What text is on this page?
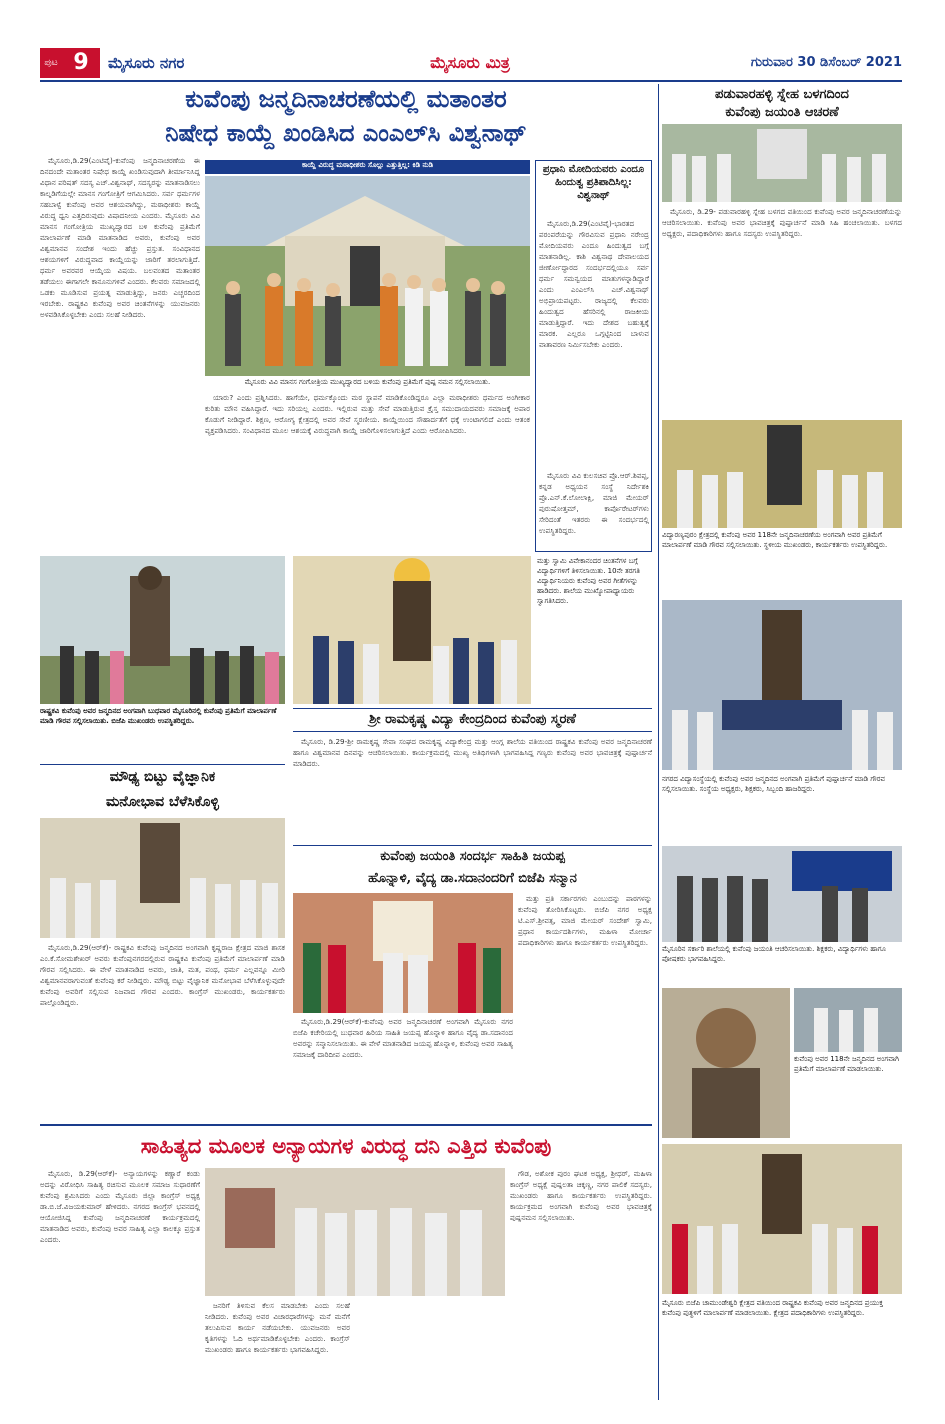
ಪುಟ 9	ಮೈಸೂರು ನಗರ	ಮೈಸೂರು ಮಿತ್ರ	ಗುರುವಾರ 30 ಡಿಸೆಂಬರ್ 2021
ಕುವೆಂಪು ಜನ್ಮದಿನಾಚರಣೆಯಲ್ಲಿ ಮತಾಂತರ
ನಿಷೇಧ ಕಾಯ್ದೆ ಖಂಡಿಸಿದ ಎಂಎಲ್‌ಸಿ ವಿಶ್ವನಾಥ್
ಮೈಸೂರು,ಡಿ.29(ಎಂಟಿವೈ)-ಕುವೆಂಪು ಜನ್ಮದಿನಾಚರಣೆಯ ಈ ದಿನದಂದೇ ಮತಾಂತರ ನಿಷೇಧ ಕಾಯ್ದೆ ಖಂಡಿಸುವುದಾಗಿ ತೀರ್ಮಾನಿಸಿದ್ದ ವಿಧಾನ ಪರಿಷತ್ ಸದಸ್ಯ ಎಚ್.ವಿಶ್ವನಾಥ್, ಸದಸ್ಯರನ್ನು ಮಾತನಾಡಿಸಲು ಕಾಲ್ನಡಿಗೆಯಲ್ಲೇ ಮಾನಸ ಗಂಗೋತ್ರಿಗೆ ಆಗಮಿಸಿದರು. ಸರ್ವ ಧರ್ಮಗಳ ಸಹಬಾಳ್ವೆ ಕುವೆಂಪು ಅವರ ಆಶಯವಾಗಿದ್ದು, ಮಠಾಧೀಶರು ಕಾಯ್ದೆ ವಿರುದ್ಧ ಧ್ವನಿ ಎತ್ತದಿರುವುದು ವಿಷಾದನೀಯ ಎಂದರು. ಮೈಸೂರು ವಿವಿ ಮಾನಸ ಗಂಗೋತ್ರಿಯ ಮುಖ್ಯದ್ವಾರದ ಬಳಿ ಕುವೆಂಪು ಪ್ರತಿಮೆಗೆ ಮಾಲಾರ್ಪಣೆ ಮಾಡಿ ಮಾತನಾಡಿದ ಅವರು, ಕುವೆಂಪು ಅವರ ವಿಶ್ವಮಾನವ ಸಂದೇಶ ಇಂದು ಹೆಚ್ಚು ಪ್ರಸ್ತುತ. ಸಂವಿಧಾನದ ಆಶಯಗಳಿಗೆ ವಿರುದ್ಧವಾದ ಕಾಯ್ದೆಯನ್ನು ಜಾರಿಗೆ ತರಲಾಗುತ್ತಿದೆ. ಧರ್ಮ ಅವರವರ ಆಯ್ಕೆಯ ವಿಷಯ. ಬಲವಂತದ ಮತಾಂತರ ತಡೆಯಲು ಈಗಾಗಲೇ ಕಾನೂನುಗಳಿವೆ ಎಂದರು. ಕೆಲವರು ಸಮಾಜದಲ್ಲಿ ಒಡಕು ಮೂಡಿಸುವ ಪ್ರಯತ್ನ ಮಾಡುತ್ತಿದ್ದು, ಜನರು ಎಚ್ಚರದಿಂದ ಇರಬೇಕು. ರಾಷ್ಟ್ರಕವಿ ಕುವೆಂಪು ಅವರ ಚಿಂತನೆಗಳನ್ನು ಯುವಜನರು ಅಳವಡಿಸಿಕೊಳ್ಳಬೇಕು ಎಂದು ಸಲಹೆ ನೀಡಿದರು.
ಕಾಯ್ದೆ ವಿರುದ್ಧ ಮಠಾಧೀಶರು ಸೊಲ್ಲು ಎತ್ತುತ್ತಿಲ್ಲ: ಕಿಡಿ ನುಡಿ
ಮೈಸೂರು ವಿವಿ ಮಾನಸ ಗಂಗೋತ್ರಿಯ ಮುಖ್ಯದ್ವಾರದ ಬಳಿಯ ಕುವೆಂಪು ಪ್ರತಿಮೆಗೆ ಪುಷ್ಪ ನಮನ ಸಲ್ಲಿಸಲಾಯಿತು.
ಯಾರು? ಎಂದು ಪ್ರಶ್ನಿಸಿದರು. ಹಾಗೆಯೇ, ಧರ್ಮಕ್ಕೊಂದು ಮಠ ಸ್ಥಾಪನೆ ಮಾಡಿಕೊಂಡಿದ್ದರೂ ಎಲ್ಲಾ ಮಠಾಧೀಶರು ಧರ್ಮದ ಅಂಗೀಕಾರ ಕುರಿತು ಮೌನ ವಹಿಸಿದ್ದಾರೆ. ಇದು ಸರಿಯಲ್ಲ ಎಂದರು. ಇಲ್ಲಿರುವ ಮತ್ತು ಸೇವೆ ಮಾಡುತ್ತಿರುವ ಕ್ರೈಸ್ತ ಸಮುದಾಯದವರು ಸಮಾಜಕ್ಕೆ ಅಪಾರ ಕೊಡುಗೆ ನೀಡಿದ್ದಾರೆ. ಶಿಕ್ಷಣ, ಆರೋಗ್ಯ ಕ್ಷೇತ್ರದಲ್ಲಿ ಅವರ ಸೇವೆ ಸ್ಮರಣೀಯ. ಕಾಯ್ದೆಯಿಂದ ಸೌಹಾರ್ದತೆಗೆ ಧಕ್ಕೆ ಉಂಟಾಗಲಿದೆ ಎಂದು ಆತಂಕ ವ್ಯಕ್ತಪಡಿಸಿದರು. ಸಂವಿಧಾನದ ಮೂಲ ಆಶಯಕ್ಕೆ ವಿರುದ್ಧವಾಗಿ ಕಾಯ್ದೆ ಜಾರಿಗೊಳಿಸಲಾಗುತ್ತಿದೆ ಎಂದು ಆರೋಪಿಸಿದರು.
ಪ್ರಧಾನಿ ಮೋದಿಯವರು ಎಂದೂ ಹಿಂದುತ್ವ ಪ್ರತಿಪಾದಿಸಿಲ್ಲ: ವಿಶ್ವನಾಥ್
ಮೈಸೂರು,ಡಿ.29(ಎಂಟಿವೈ)-ಭಾರತದ ಪರಂಪರೆಯನ್ನು ಗೌರವಿಸುವ ಪ್ರಧಾನಿ ನರೇಂದ್ರ ಮೋದಿಯವರು ಎಂದೂ ಹಿಂದುತ್ವದ ಬಗ್ಗೆ ಮಾತನಾಡಿಲ್ಲ. ಕಾಶಿ ವಿಶ್ವನಾಥ ದೇವಾಲಯದ ಜೀರ್ಣೋದ್ಧಾರದ ಸಂದರ್ಭದಲ್ಲಿಯೂ ಸರ್ವ ಧರ್ಮ ಸಮನ್ವಯದ ಮಾತುಗಳನ್ನಾಡಿದ್ದಾರೆ ಎಂದು ಎಂಎಲ್‌ಸಿ ಎಚ್.ವಿಶ್ವನಾಥ್ ಅಭಿಪ್ರಾಯಪಟ್ಟರು. ರಾಜ್ಯದಲ್ಲಿ ಕೆಲವರು ಹಿಂದುತ್ವದ ಹೆಸರಿನಲ್ಲಿ ರಾಜಕೀಯ ಮಾಡುತ್ತಿದ್ದಾರೆ. ಇದು ದೇಶದ ಬಹುತ್ವಕ್ಕೆ ಮಾರಕ. ಎಲ್ಲರೂ ಒಗ್ಗಟ್ಟಿನಿಂದ ಬಾಳುವ ವಾತಾವರಣ ನಿರ್ಮಿಸಬೇಕು ಎಂದರು.
ಮೈಸೂರು ವಿವಿ ಕುಲಸಚಿವ ಪ್ರೊ.ಆರ್.ಶಿವಪ್ಪ, ಕನ್ನಡ ಅಧ್ಯಯನ ಸಂಸ್ಥೆ ನಿರ್ದೇಶಕಿ ಪ್ರೊ.ಎನ್.ಕೆ.ಲೋಲಾಕ್ಷಿ, ಮಾಜಿ ಮೇಯರ್ ಪುರುಷೋತ್ತಮ್, ಕಾರ್ಪೊರೇಟರ್‌ಗಳು ಸೇರಿದಂತೆ ಇತರರು ಈ ಸಂದರ್ಭದಲ್ಲಿ ಉಪಸ್ಥಿತರಿದ್ದರು.
ರಾಷ್ಟ್ರಕವಿ ಕುವೆಂಪು ಅವರ ಜನ್ಮದಿನದ ಅಂಗವಾಗಿ ಬುಧವಾರ ಮೈಸೂರಿನಲ್ಲಿ ಕುವೆಂಪು ಪ್ರತಿಮೆಗೆ ಮಾಲಾರ್ಪಣೆ ಮಾಡಿ ಗೌರವ ಸಲ್ಲಿಸಲಾಯಿತು. ಬಿಜೆಪಿ ಮುಖಂಡರು ಉಪಸ್ಥಿತರಿದ್ದರು.
ಮತ್ತು ಸ್ವಾಮಿ ವಿವೇಕಾನಂದರ ಚಿಂತನೆಗಳ ಬಗ್ಗೆ ವಿದ್ಯಾರ್ಥಿಗಳಿಗೆ ತಿಳಿಸಲಾಯಿತು. 10ನೇ ತರಗತಿ ವಿದ್ಯಾರ್ಥಿನಿಯರು ಕುವೆಂಪು ಅವರ ಗೀತೆಗಳನ್ನು ಹಾಡಿದರು. ಶಾಲೆಯ ಮುಖ್ಯೋಪಾಧ್ಯಾಯರು ಸ್ವಾಗತಿಸಿದರು.
ಶ್ರೀ ರಾಮಕೃಷ್ಣ ವಿದ್ಯಾ ಕೇಂದ್ರದಿಂದ ಕುವೆಂಪು ಸ್ಮರಣೆ
ಮೈಸೂರು, ಡಿ.29-ಶ್ರೀ ರಾಮಕೃಷ್ಣ ಸೇವಾ ಸಂಘದ ರಾಮಕೃಷ್ಣ ವಿದ್ಯಾಕೇಂದ್ರ ಮತ್ತು ಆಂಗ್ಲ ಶಾಲೆಯ ವತಿಯಿಂದ ರಾಷ್ಟ್ರಕವಿ ಕುವೆಂಪು ಅವರ ಜನ್ಮದಿನಾಚರಣೆ ಹಾಗೂ ವಿಶ್ವಮಾನವ ದಿನವನ್ನು ಆಚರಿಸಲಾಯಿತು. ಕಾರ್ಯಕ್ರಮದಲ್ಲಿ ಮುಖ್ಯ ಅತಿಥಿಗಳಾಗಿ ಭಾಗವಹಿಸಿದ್ದ ಗಣ್ಯರು ಕುವೆಂಪು ಅವರ ಭಾವಚಿತ್ರಕ್ಕೆ ಪುಷ್ಪಾರ್ಚನೆ ಮಾಡಿದರು.
ಮೌಢ್ಯ ಬಿಟ್ಟು ವೈಜ್ಞಾನಿಕ
ಮನೋಭಾವ ಬೆಳೆಸಿಕೊಳ್ಳಿ
ಮೈಸೂರು,ಡಿ.29(ಆರ್‌ಕೆ)- ರಾಷ್ಟ್ರಕವಿ ಕುವೆಂಪು ಜನ್ಮದಿನದ ಅಂಗವಾಗಿ ಕೃಷ್ಣರಾಜ ಕ್ಷೇತ್ರದ ಮಾಜಿ ಶಾಸಕ ಎಂ.ಕೆ.ಸೋಮಶೇಖರ್ ಅವರು ಕುವೆಂಪುನಗರದಲ್ಲಿರುವ ರಾಷ್ಟ್ರಕವಿ ಕುವೆಂಪು ಪ್ರತಿಮೆಗೆ ಮಾಲಾರ್ಪಣೆ ಮಾಡಿ ಗೌರವ ಸಲ್ಲಿಸಿದರು. ಈ ವೇಳೆ ಮಾತನಾಡಿದ ಅವರು, ಜಾತಿ, ಮತ, ಪಂಥ, ಧರ್ಮ ಎಲ್ಲವನ್ನೂ ಮೀರಿ ವಿಶ್ವಮಾನವರಾಗುವಂತೆ ಕುವೆಂಪು ಕರೆ ನೀಡಿದ್ದರು. ಮೌಢ್ಯ ಬಿಟ್ಟು ವೈಜ್ಞಾನಿಕ ಮನೋಭಾವ ಬೆಳೆಸಿಕೊಳ್ಳುವುದೇ ಕುವೆಂಪು ಅವರಿಗೆ ಸಲ್ಲಿಸುವ ನಿಜವಾದ ಗೌರವ ಎಂದರು. ಕಾಂಗ್ರೆಸ್ ಮುಖಂಡರು, ಕಾರ್ಯಕರ್ತರು ಪಾಲ್ಗೊಂಡಿದ್ದರು.
ಕುವೆಂಪು ಜಯಂತಿ ಸಂದರ್ಭ ಸಾಹಿತಿ ಜಯಪ್ಪ
ಹೊನ್ನಾಳಿ, ವೈದ್ಯ ಡಾ.ಸದಾನಂದರಿಗೆ ಬಿಜೆಪಿ ಸನ್ಮಾನ
ಮೈಸೂರು,ಡಿ.29(ಆರ್‌ಕೆ)-ಕುವೆಂಪು ಅವರ ಜನ್ಮದಿನಾಚರಣೆ ಅಂಗವಾಗಿ ಮೈಸೂರು ನಗರ ಬಿಜೆಪಿ ಕಚೇರಿಯಲ್ಲಿ ಬುಧವಾರ ಹಿರಿಯ ಸಾಹಿತಿ ಜಯಪ್ಪ ಹೊನ್ನಾಳಿ ಹಾಗೂ ವೈದ್ಯ ಡಾ.ಸದಾನಂದ ಅವರನ್ನು ಸನ್ಮಾನಿಸಲಾಯಿತು. ಈ ವೇಳೆ ಮಾತನಾಡಿದ ಜಯಪ್ಪ ಹೊನ್ನಾಳಿ, ಕುವೆಂಪು ಅವರ ಸಾಹಿತ್ಯ ಸಮಾಜಕ್ಕೆ ದಾರಿದೀಪ ಎಂದರು.
ಮತ್ತು ಪ್ರತಿ ಸರ್ಕಾರಗಳು ಎಂಬುದನ್ನು ಪಾಠಗಳನ್ನು ಕುವೆಂಪು ತೋರಿಸಿಕೊಟ್ಟರು. ಬಿಜೆಪಿ ನಗರ ಅಧ್ಯಕ್ಷ ಟಿ.ಎಸ್.ಶ್ರೀವತ್ಸ, ಮಾಜಿ ಮೇಯರ್ ಸಂದೇಶ್ ಸ್ವಾಮಿ, ಪ್ರಧಾನ ಕಾರ್ಯದರ್ಶಿಗಳು, ಮಹಿಳಾ ಮೋರ್ಚಾ ಪದಾಧಿಕಾರಿಗಳು ಹಾಗೂ ಕಾರ್ಯಕರ್ತರು ಉಪಸ್ಥಿತರಿದ್ದರು.
ಸಾಹಿತ್ಯದ ಮೂಲಕ ಅನ್ಯಾಯಗಳ ವಿರುದ್ಧ ದನಿ ಎತ್ತಿದ ಕುವೆಂಪು
ಮೈಸೂರು, ಡಿ.29(ಆರ್‌ಕೆ)- ಅನ್ಯಾಯಗಳನ್ನು ಕಣ್ಣಾರೆ ಕಂಡು ಅದನ್ನು ವಿರೋಧಿಸಿ ಸಾಹಿತ್ಯ ರಚಿಸುವ ಮೂಲಕ ಸಮಾಜ ಸುಧಾರಣೆಗೆ ಕುವೆಂಪು ಶ್ರಮಿಸಿದರು ಎಂದು ಮೈಸೂರು ಜಿಲ್ಲಾ ಕಾಂಗ್ರೆಸ್ ಅಧ್ಯಕ್ಷ ಡಾ.ಬಿ.ಜೆ.ವಿಜಯಕುಮಾರ್ ಹೇಳಿದರು. ನಗರದ ಕಾಂಗ್ರೆಸ್ ಭವನದಲ್ಲಿ ಆಯೋಜಿಸಿದ್ದ ಕುವೆಂಪು ಜನ್ಮದಿನಾಚರಣೆ ಕಾರ್ಯಕ್ರಮದಲ್ಲಿ ಮಾತನಾಡಿದ ಅವರು, ಕುವೆಂಪು ಅವರ ಸಾಹಿತ್ಯ ಎಲ್ಲಾ ಕಾಲಕ್ಕೂ ಪ್ರಸ್ತುತ ಎಂದರು.
ಜನರಿಗೆ ತಿಳಿಸುವ ಕೆಲಸ ಮಾಡಬೇಕು ಎಂದು ಸಲಹೆ ನೀಡಿದರು. ಕುವೆಂಪು ಅವರ ವಿಚಾರಧಾರೆಗಳನ್ನು ಮನೆ ಮನೆಗೆ ತಲುಪಿಸುವ ಕಾರ್ಯ ನಡೆಯಬೇಕು. ಯುವಜನರು ಅವರ ಕೃತಿಗಳನ್ನು ಓದಿ ಅರ್ಥಮಾಡಿಕೊಳ್ಳಬೇಕು ಎಂದರು. ಕಾಂಗ್ರೆಸ್ ಮುಖಂಡರು ಹಾಗೂ ಕಾರ್ಯಕರ್ತರು ಭಾಗವಹಿಸಿದ್ದರು.
ಗೌಡ, ಅಶೋಕ ಪುರಂ ಘಟಕ ಅಧ್ಯಕ್ಷ, ಶ್ರೀಧರ್, ಮಹಿಳಾ ಕಾಂಗ್ರೆಸ್ ಅಧ್ಯಕ್ಷೆ ಪುಷ್ಪಲತಾ ಚಿಕ್ಕಣ್ಣ, ನಗರ ಪಾಲಿಕೆ ಸದಸ್ಯರು, ಮುಖಂಡರು ಹಾಗೂ ಕಾರ್ಯಕರ್ತರು ಉಪಸ್ಥಿತರಿದ್ದರು. ಕಾರ್ಯಕ್ರಮದ ಅಂಗವಾಗಿ ಕುವೆಂಪು ಅವರ ಭಾವಚಿತ್ರಕ್ಕೆ ಪುಷ್ಪನಮನ ಸಲ್ಲಿಸಲಾಯಿತು.
ಪಡುವಾರಹಳ್ಳಿ ಸ್ನೇಹ ಬಳಗದಿಂದ
ಕುವೆಂಪು ಜಯಂತಿ ಆಚರಣೆ
ಮೈಸೂರು, ಡಿ.29- ಪಡುವಾರಹಳ್ಳಿ ಸ್ನೇಹ ಬಳಗದ ವತಿಯಿಂದ ಕುವೆಂಪು ಅವರ ಜನ್ಮದಿನಾಚರಣೆಯನ್ನು ಆಚರಿಸಲಾಯಿತು. ಕುವೆಂಪು ಅವರ ಭಾವಚಿತ್ರಕ್ಕೆ ಪುಷ್ಪಾರ್ಚನೆ ಮಾಡಿ ಸಿಹಿ ಹಂಚಲಾಯಿತು. ಬಳಗದ ಅಧ್ಯಕ್ಷರು, ಪದಾಧಿಕಾರಿಗಳು ಹಾಗೂ ಸದಸ್ಯರು ಉಪಸ್ಥಿತರಿದ್ದರು.
ವಿದ್ಯಾರಣ್ಯಪುರಂ ಕ್ಷೇತ್ರದಲ್ಲಿ ಕುವೆಂಪು ಅವರ 118ನೇ ಜನ್ಮದಿನಾಚರಣೆಯ ಅಂಗವಾಗಿ ಅವರ ಪ್ರತಿಮೆಗೆ ಮಾಲಾರ್ಪಣೆ ಮಾಡಿ ಗೌರವ ಸಲ್ಲಿಸಲಾಯಿತು. ಸ್ಥಳೀಯ ಮುಖಂಡರು, ಕಾರ್ಯಕರ್ತರು ಉಪಸ್ಥಿತರಿದ್ದರು.
ನಗರದ ವಿದ್ಯಾಸಂಸ್ಥೆಯಲ್ಲಿ ಕುವೆಂಪು ಅವರ ಜನ್ಮದಿನದ ಅಂಗವಾಗಿ ಪ್ರತಿಮೆಗೆ ಪುಷ್ಪಾರ್ಚನೆ ಮಾಡಿ ಗೌರವ ಸಲ್ಲಿಸಲಾಯಿತು. ಸಂಸ್ಥೆಯ ಅಧ್ಯಕ್ಷರು, ಶಿಕ್ಷಕರು, ಸಿಬ್ಬಂದಿ ಹಾಜರಿದ್ದರು.
ಮೈಸೂರಿನ ಸರ್ಕಾರಿ ಶಾಲೆಯಲ್ಲಿ ಕುವೆಂಪು ಜಯಂತಿ ಆಚರಿಸಲಾಯಿತು. ಶಿಕ್ಷಕರು, ವಿದ್ಯಾರ್ಥಿಗಳು ಹಾಗೂ ಪೋಷಕರು ಭಾಗವಹಿಸಿದ್ದರು.
ಕುವೆಂಪು ಅವರ 118ನೇ ಜನ್ಮದಿನದ ಅಂಗವಾಗಿ ಪ್ರತಿಮೆಗೆ ಮಾಲಾರ್ಪಣೆ ಮಾಡಲಾಯಿತು.
ಮೈಸೂರು ಬಿಜೆಪಿ ಚಾಮುಂಡೇಶ್ವರಿ ಕ್ಷೇತ್ರದ ವತಿಯಿಂದ ರಾಷ್ಟ್ರಕವಿ ಕುವೆಂಪು ಅವರ ಜನ್ಮದಿನದ ಪ್ರಯುಕ್ತ ಕುವೆಂಪು ಪುತ್ಥಳಿಗೆ ಮಾಲಾರ್ಪಣೆ ಮಾಡಲಾಯಿತು. ಕ್ಷೇತ್ರದ ಪದಾಧಿಕಾರಿಗಳು ಉಪಸ್ಥಿತರಿದ್ದರು.
